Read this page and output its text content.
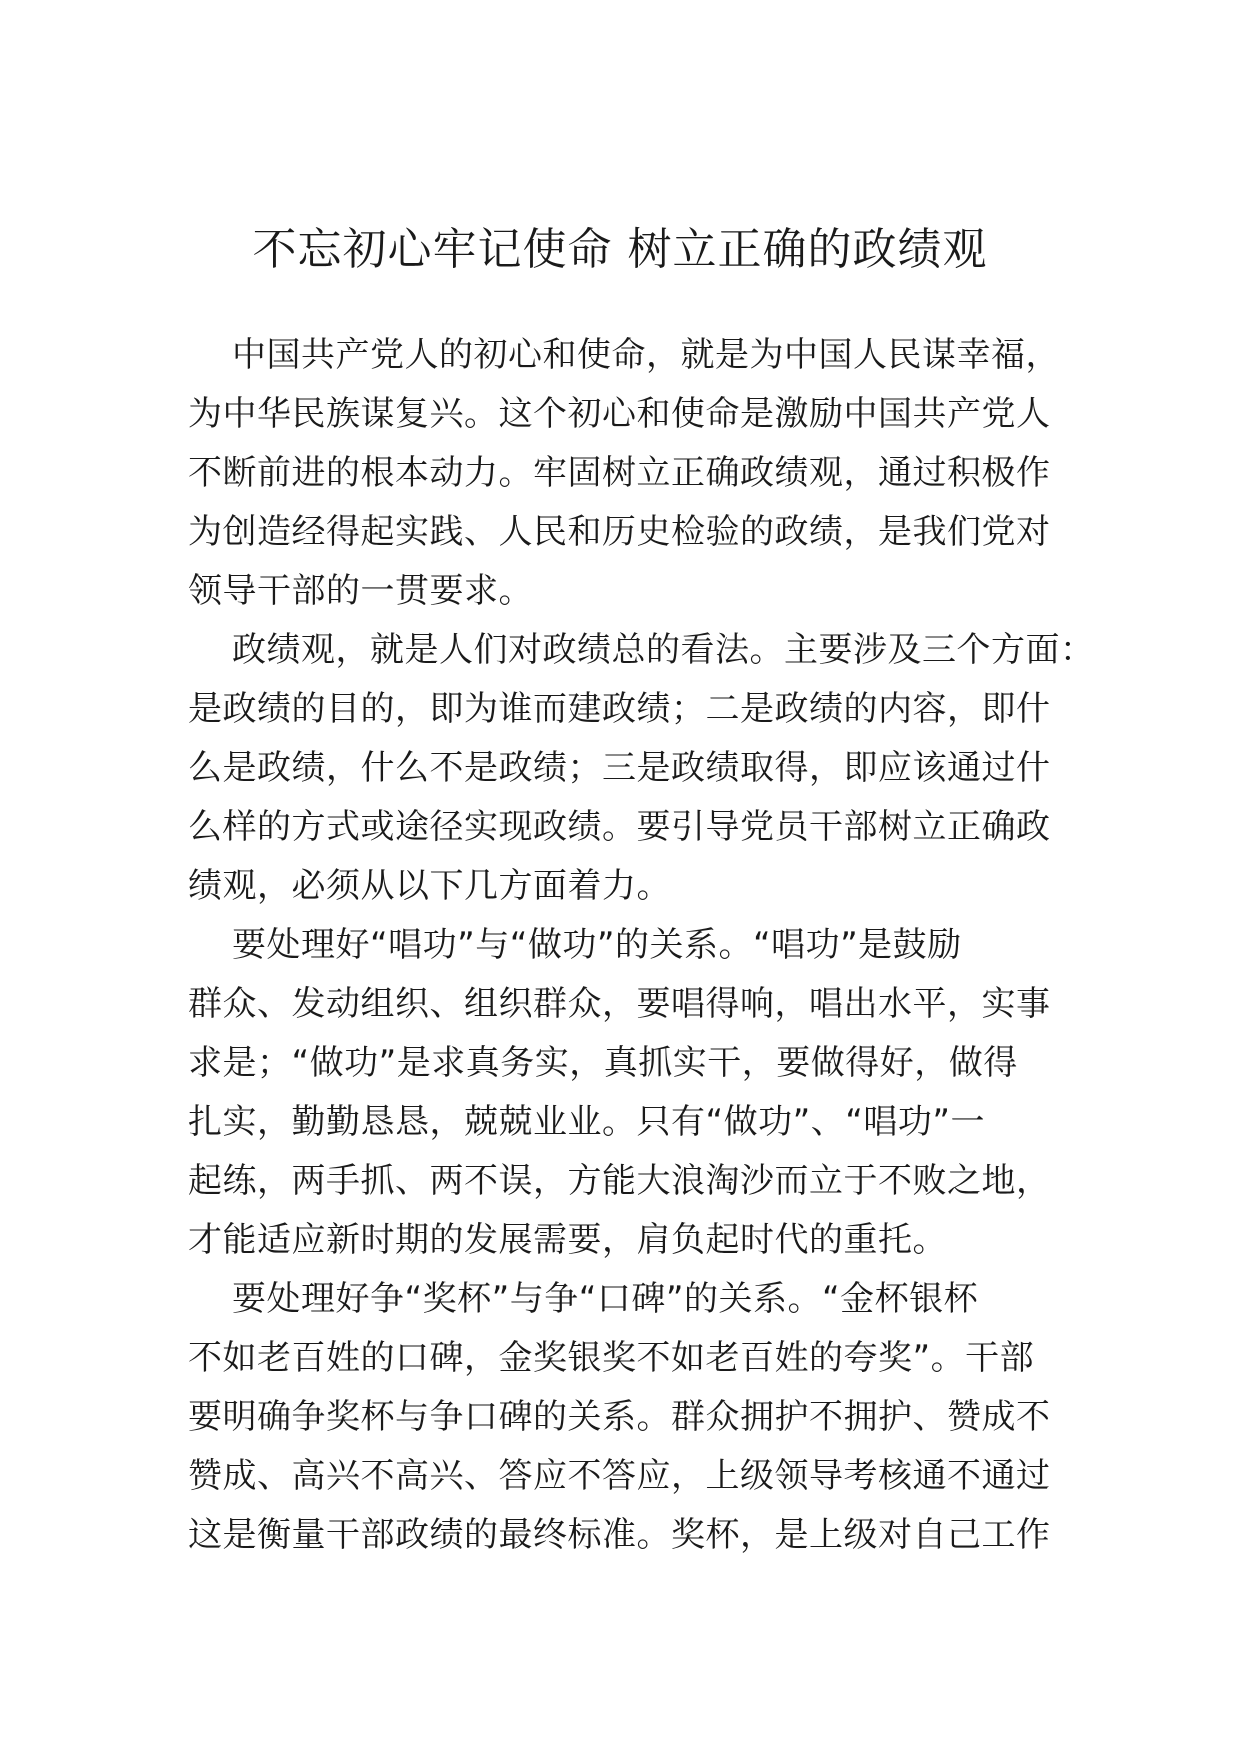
不忘初心牢记使命 树立正确的政绩观
中国共产党人的初心和使命，就是为中国人民谋幸福，
为中华民族谋复兴。这个初心和使命是激励中国共产党人
不断前进的根本动力。牢固树立正确政绩观，通过积极作
为创造经得起实践、人民和历史检验的政绩，是我们党对
领导干部的一贯要求。
政绩观，就是人们对政绩总的看法。主要涉及三个方面：
是政绩的目的，即为谁而建政绩；二是政绩的内容，即什
么是政绩，什么不是政绩；三是政绩取得，即应该通过什
么样的方式或途径实现政绩。要引导党员干部树立正确政
绩观，必须从以下几方面着力。
要处理好“唱功”与“做功”的关系。“唱功”是鼓励
群众、发动组织、组织群众，要唱得响，唱出水平，实事
求是；“做功”是求真务实，真抓实干，要做得好，做得
扎实，勤勤恳恳，兢兢业业。只有“做功”、“唱功”一
起练，两手抓、两不误，方能大浪淘沙而立于不败之地，
才能适应新时期的发展需要，肩负起时代的重托。
要处理好争“奖杯”与争“口碑”的关系。“金杯银杯
不如老百姓的口碑，金奖银奖不如老百姓的夸奖”。干部
要明确争奖杯与争口碑的关系。群众拥护不拥护、赞成不
赞成、高兴不高兴、答应不答应，上级领导考核通不通过
这是衡量干部政绩的最终标准。奖杯，是上级对自己工作
